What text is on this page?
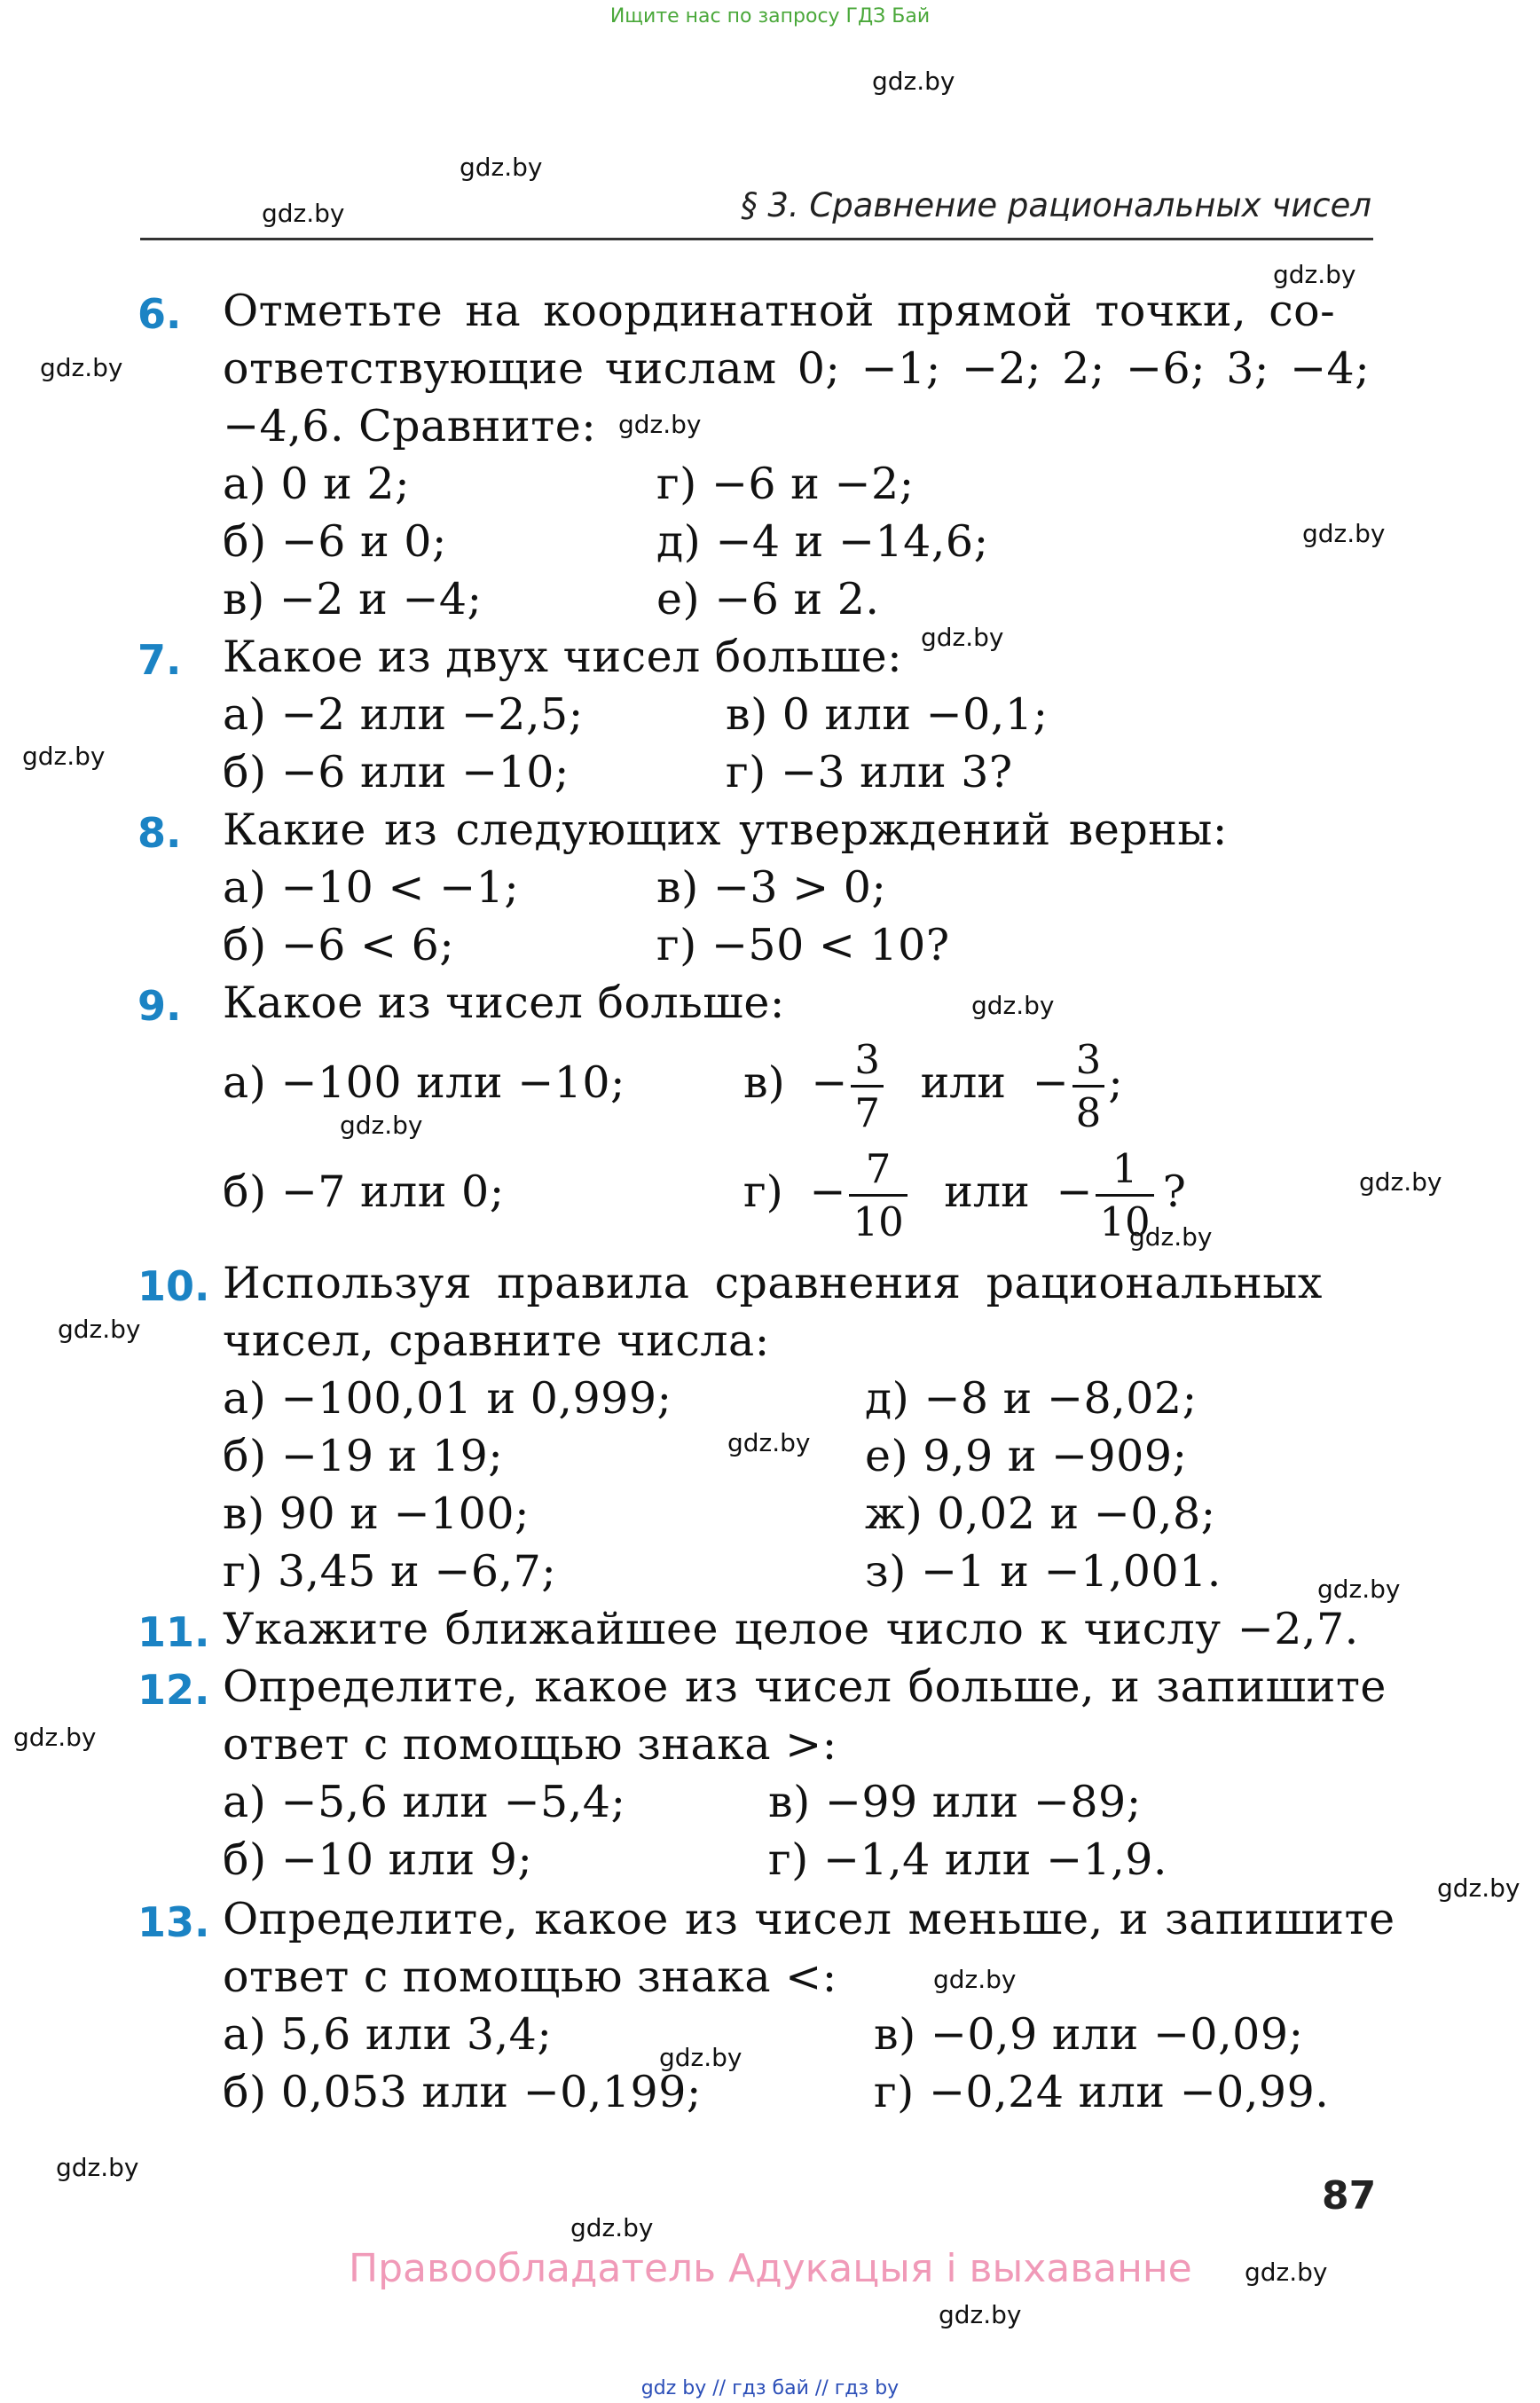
Ищите нас по запросу ГДЗ Бай
gdz.by
gdz.by
gdz.by
gdz.by
gdz.by
gdz.by
gdz.by
gdz.by
gdz.by
gdz.by
gdz.by
gdz.by
gdz.by
gdz.by
gdz.by
gdz.by
gdz.by
gdz.by
gdz.by
gdz.by
gdz.by
gdz.by
gdz.by
gdz.by
§ 3. Сравнение рациональных чисел
6. Отметьте на координатной прямой точки, со-
ответствующие числам 0; −1; −2; 2; −6; 3; −4;
−4,6. Сравните:
а) 0 и 2;
б) −6 и 0;
в) −2 и −4;
г) −6 и −2;
д) −4 и −14,6;
е) −6 и 2.
7. Какое из двух чисел больше:
а) −2 или −2,5;
б) −6 или −10;
в) 0 или −0,1;
г) −3 или 3?
8. Какие из следующих утверждений верны:
а) −10 < −1;
б) −6 < 6;
в) −3 > 0;
г) −50 < 10?
9. Какое из чисел больше:
а) −100 или −10;
б) −7 или 0;
$в) - \frac{3}{7}$ или − $\frac{3}{8}$ ;
$г) - \frac{7}{10}$ или − $\frac{1}{10}$ ?
10. Используя правила сравнения рациональных
чисел, сравните числа:
а) −100,01 и 0,999;
б) −19 и 19;
в) 90 и −100;
г) 3,45 и −6,7;
д) −8 и −8,02;
е) 9,9 и −909;
ж) 0,02 и −0,8;
з) −1 и −1,001.
11. Укажите ближайшее целое число к числу −2,7.
12. Определите, какое из чисел больше, и запишите
ответ с помощью знака >:
а) −5,6 или −5,4;
б) −10 или 9;
в) −99 или −89;
г) −1,4 или −1,9.
13. Определите, какое из чисел меньше, и запишите
ответ с помощью знака <:
а) 5,6 или 3,4;
б) 0,053 или −0,199;
в) −0,9 или −0,09;
г) −0,24 или −0,99.
87
Правообладатель Адукацыя і выхаванне
gdz by // гдз бай // гдз by
